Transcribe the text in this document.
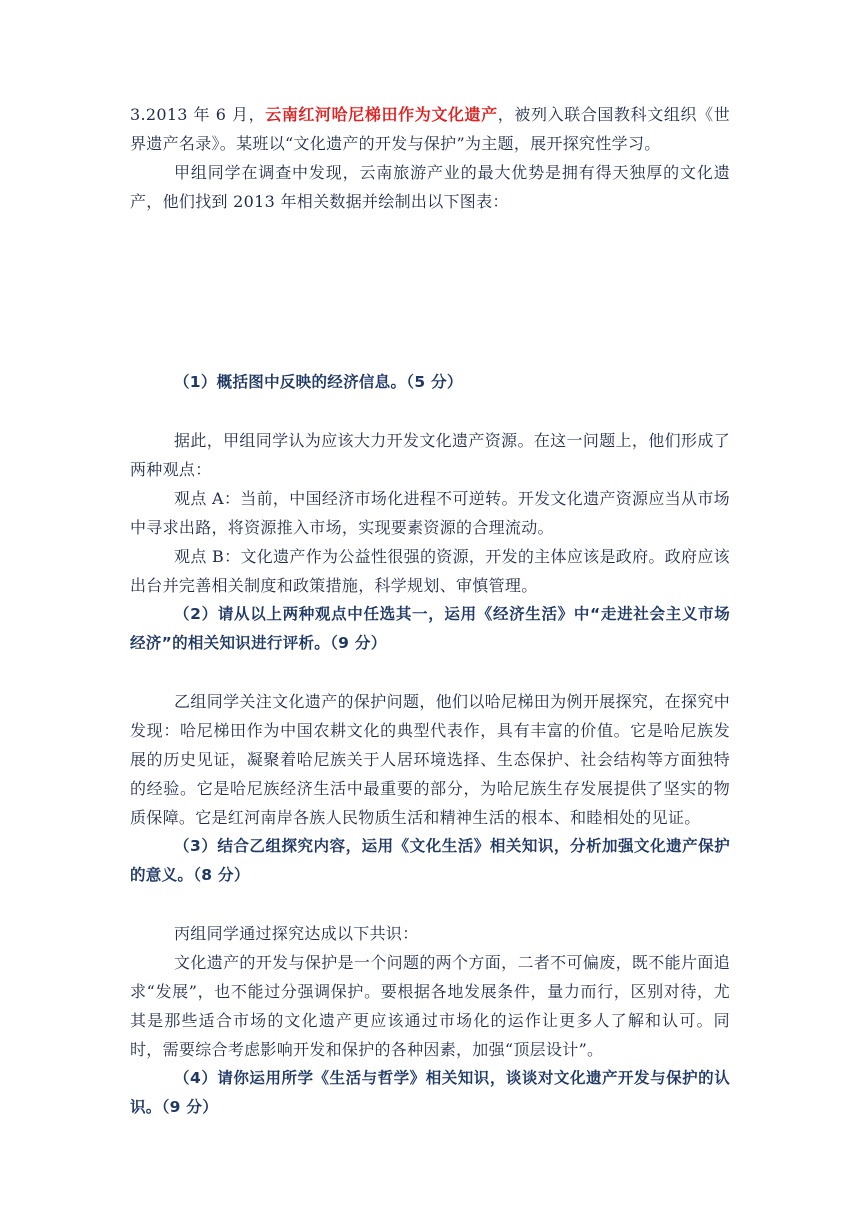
3.2013 年 6 月，云南红河哈尼梯田作为文化遗产，被列入联合国教科文组织《世界遗产名录》。某班以“文化遗产的开发与保护”为主题，展开探究性学习。

甲组同学在调查中发现，云南旅游产业的最大优势是拥有得天独厚的文化遗产，他们找到 2013 年相关数据并绘制出以下图表：

（1）概括图中反映的经济信息。（5 分）

据此，甲组同学认为应该大力开发文化遗产资源。在这一问题上，他们形成了两种观点：

观点 A：当前，中国经济市场化进程不可逆转。开发文化遗产资源应当从市场中寻求出路，将资源推入市场，实现要素资源的合理流动。

观点 B：文化遗产作为公益性很强的资源，开发的主体应该是政府。政府应该出台并完善相关制度和政策措施，科学规划、审慎管理。

（2）请从以上两种观点中任选其一，运用《经济生活》中“走进社会主义市场经济”的相关知识进行评析。（9 分）

乙组同学关注文化遗产的保护问题，他们以哈尼梯田为例开展探究，在探究中发现：哈尼梯田作为中国农耕文化的典型代表作，具有丰富的价值。它是哈尼族发展的历史见证，凝聚着哈尼族关于人居环境选择、生态保护、社会结构等方面独特的经验。它是哈尼族经济生活中最重要的部分，为哈尼族生存发展提供了坚实的物质保障。它是红河南岸各族人民物质生活和精神生活的根本、和睦相处的见证。

（3）结合乙组探究内容，运用《文化生活》相关知识，分析加强文化遗产保护的意义。（8 分）

丙组同学通过探究达成以下共识：

文化遗产的开发与保护是一个问题的两个方面，二者不可偏废，既不能片面追求“发展”，也不能过分强调保护。要根据各地发展条件，量力而行，区别对待，尤其是那些适合市场的文化遗产更应该通过市场化的运作让更多人了解和认可。同时，需要综合考虑影响开发和保护的各种因素，加强“顶层设计”。

（4）请你运用所学《生活与哲学》相关知识，谈谈对文化遗产开发与保护的认识。（9 分）
